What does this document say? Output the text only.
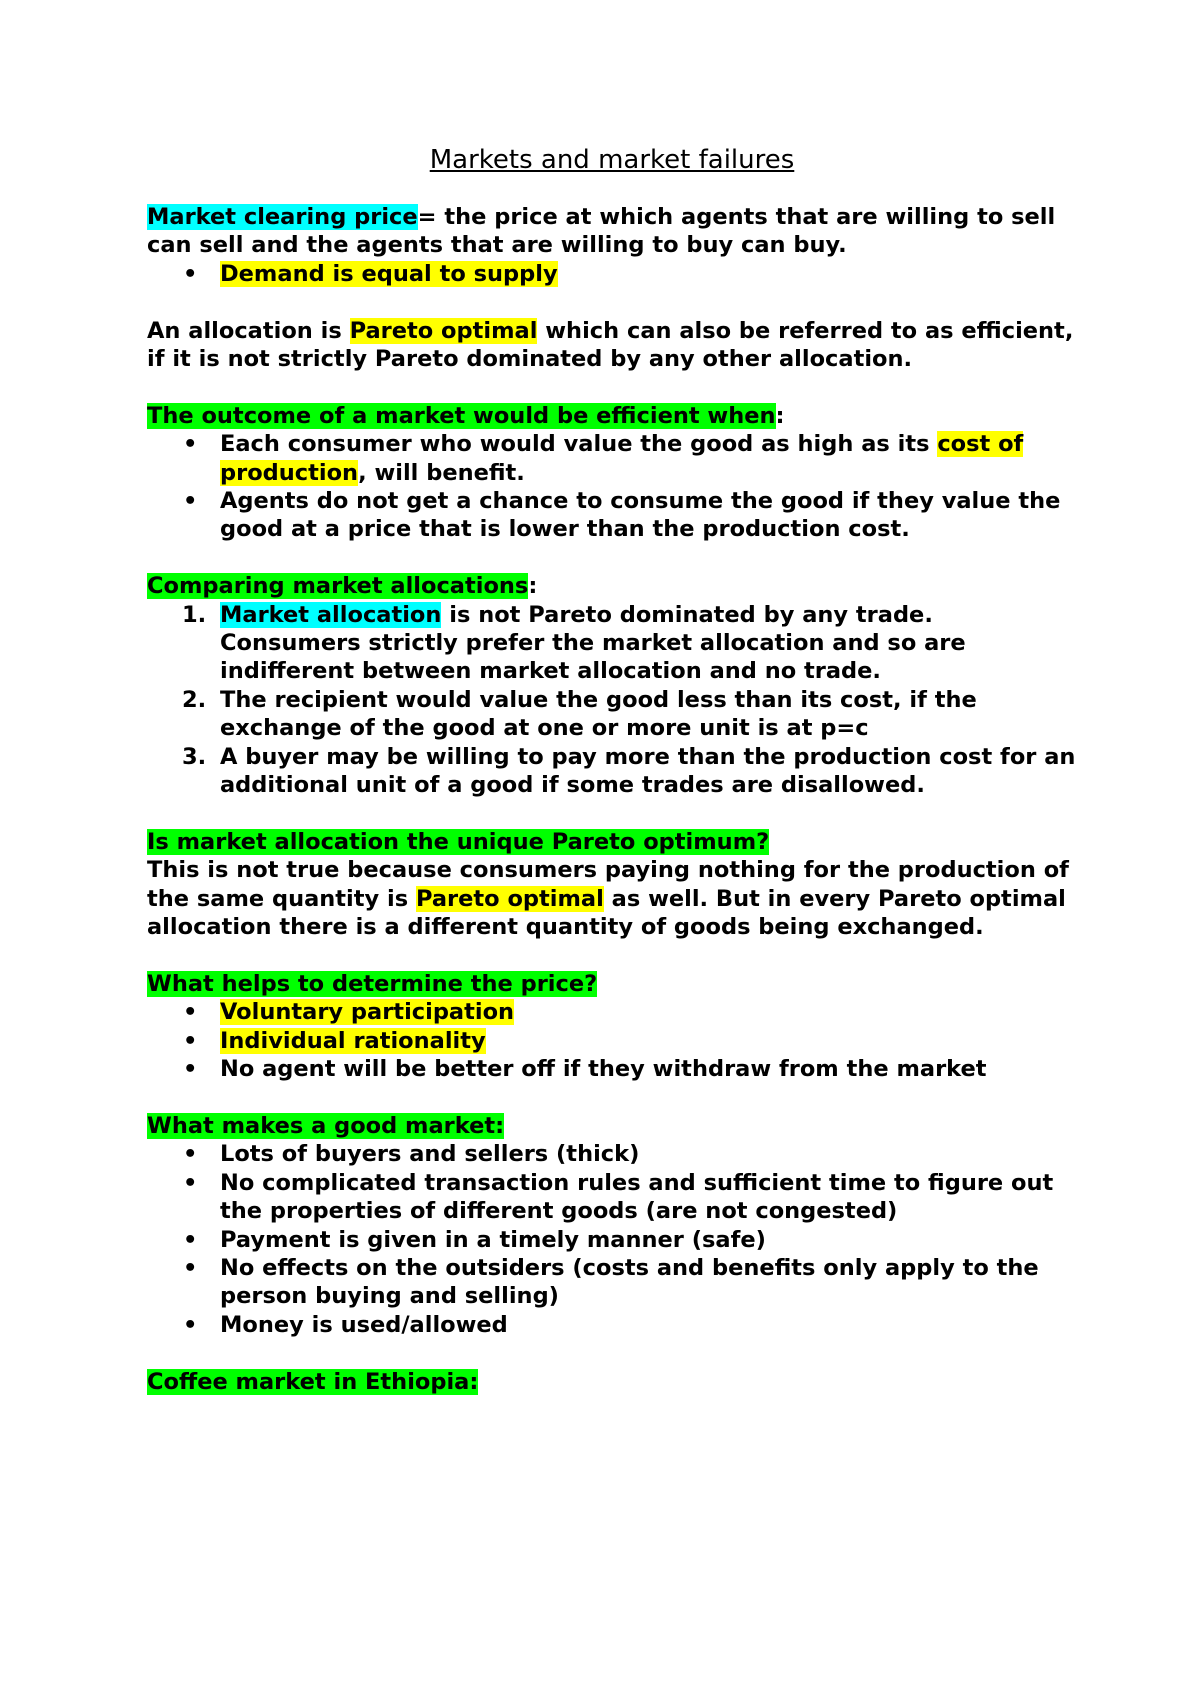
Markets and market failures

Market clearing price= the price at which agents that are willing to sell can sell and the agents that are willing to buy can buy.

• Demand is equal to supply

An allocation is Pareto optimal which can also be referred to as efficient, if it is not strictly Pareto dominated by any other allocation.

The outcome of a market would be efficient when:

• Each consumer who would value the good as high as its cost of production, will benefit.
• Agents do not get a chance to consume the good if they value the good at a price that is lower than the production cost.

Comparing market allocations:

1. Market allocation is not Pareto dominated by any trade. Consumers strictly prefer the market allocation and so are indifferent between market allocation and no trade.
2. The recipient would value the good less than its cost, if the exchange of the good at one or more unit is at p=c
3. A buyer may be willing to pay more than the production cost for an additional unit of a good if some trades are disallowed.

Is market allocation the unique Pareto optimum?

This is not true because consumers paying nothing for the production of the same quantity is Pareto optimal as well. But in every Pareto optimal allocation there is a different quantity of goods being exchanged.

What helps to determine the price?

• Voluntary participation
• Individual rationality
• No agent will be better off if they withdraw from the market

What makes a good market:

• Lots of buyers and sellers (thick)
• No complicated transaction rules and sufficient time to figure out the properties of different goods (are not congested)
• Payment is given in a timely manner (safe)
• No effects on the outsiders (costs and benefits only apply to the person buying and selling)
• Money is used/allowed

Coffee market in Ethiopia:
